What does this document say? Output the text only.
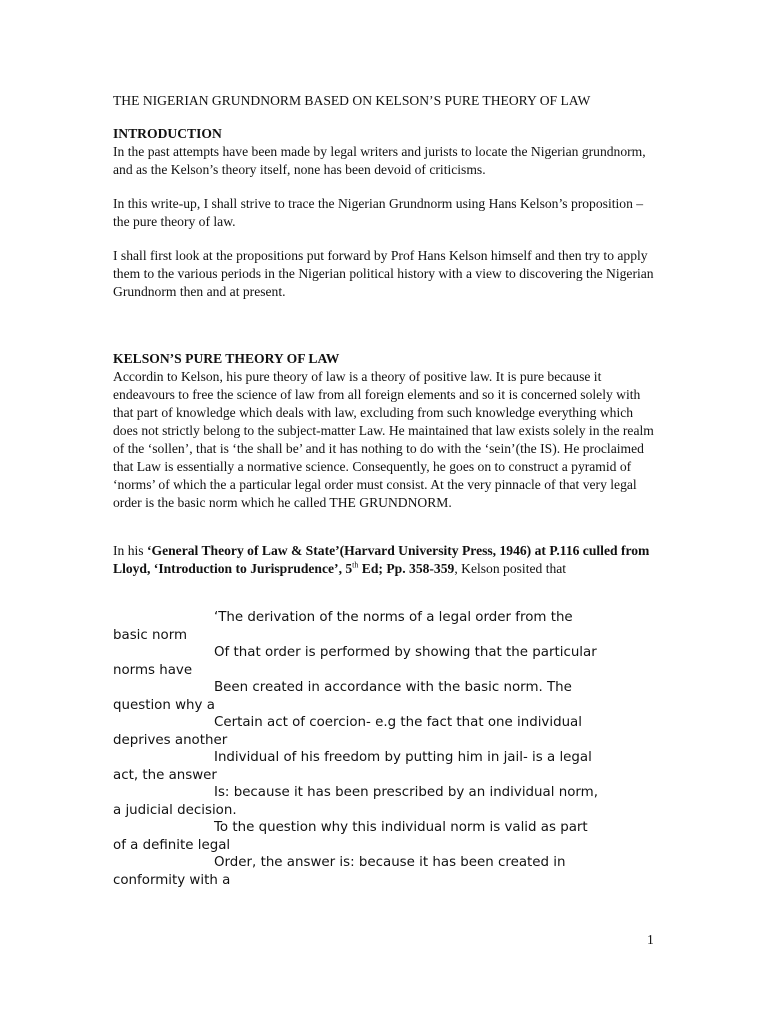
THE NIGERIAN GRUNDNORM BASED ON KELSON’S PURE THEORY OF LAW

INTRODUCTION

In the past attempts have been made by legal writers and jurists to locate the Nigerian grundnorm, and as the Kelson’s theory itself, none has been devoid of criticisms.

In this write-up, I shall strive to trace the Nigerian Grundnorm using Hans Kelson’s proposition – the pure theory of law.

I shall first look at the propositions put forward by Prof Hans Kelson himself and then try to apply them to the various periods in the Nigerian political history with a view to discovering the Nigerian Grundnorm then and at present.

KELSON’S PURE THEORY OF LAW

Accordin to Kelson, his pure theory of law is a theory of positive law. It is pure because it endeavours to free the science of law from all foreign elements and so it is concerned solely with that part of knowledge which deals with law, excluding from such knowledge everything which does not strictly belong to the subject-matter Law. He maintained that law exists solely in the realm of the ‘sollen’, that is ‘the shall be’ and it has nothing to do with the ‘sein’(the IS). He proclaimed that Law is essentially a normative science. Consequently, he goes on to construct a pyramid of ‘norms’ of which the a particular legal order must consist. At the very pinnacle of that very legal order is the basic norm which he called THE GRUNDNORM.

In his ‘General Theory of Law & State’(Harvard University Press, 1946) at P.116 culled from Lloyd, ‘Introduction to Jurisprudence’, 5th Ed; Pp. 358-359, Kelson posited that

‘The derivation of the norms of a legal order from the
basic norm
Of that order is performed by showing that the particular
norms have
Been created in accordance with the basic norm. The
question why a
Certain act of coercion- e.g the fact that one individual
deprives another
Individual of his freedom by putting him in jail- is a legal
act, the answer
Is: because it has been prescribed by an individual norm,
a judicial decision.
To the question why this individual norm is valid as part
of a definite legal
Order, the answer is: because it has been created in
conformity with a
1
